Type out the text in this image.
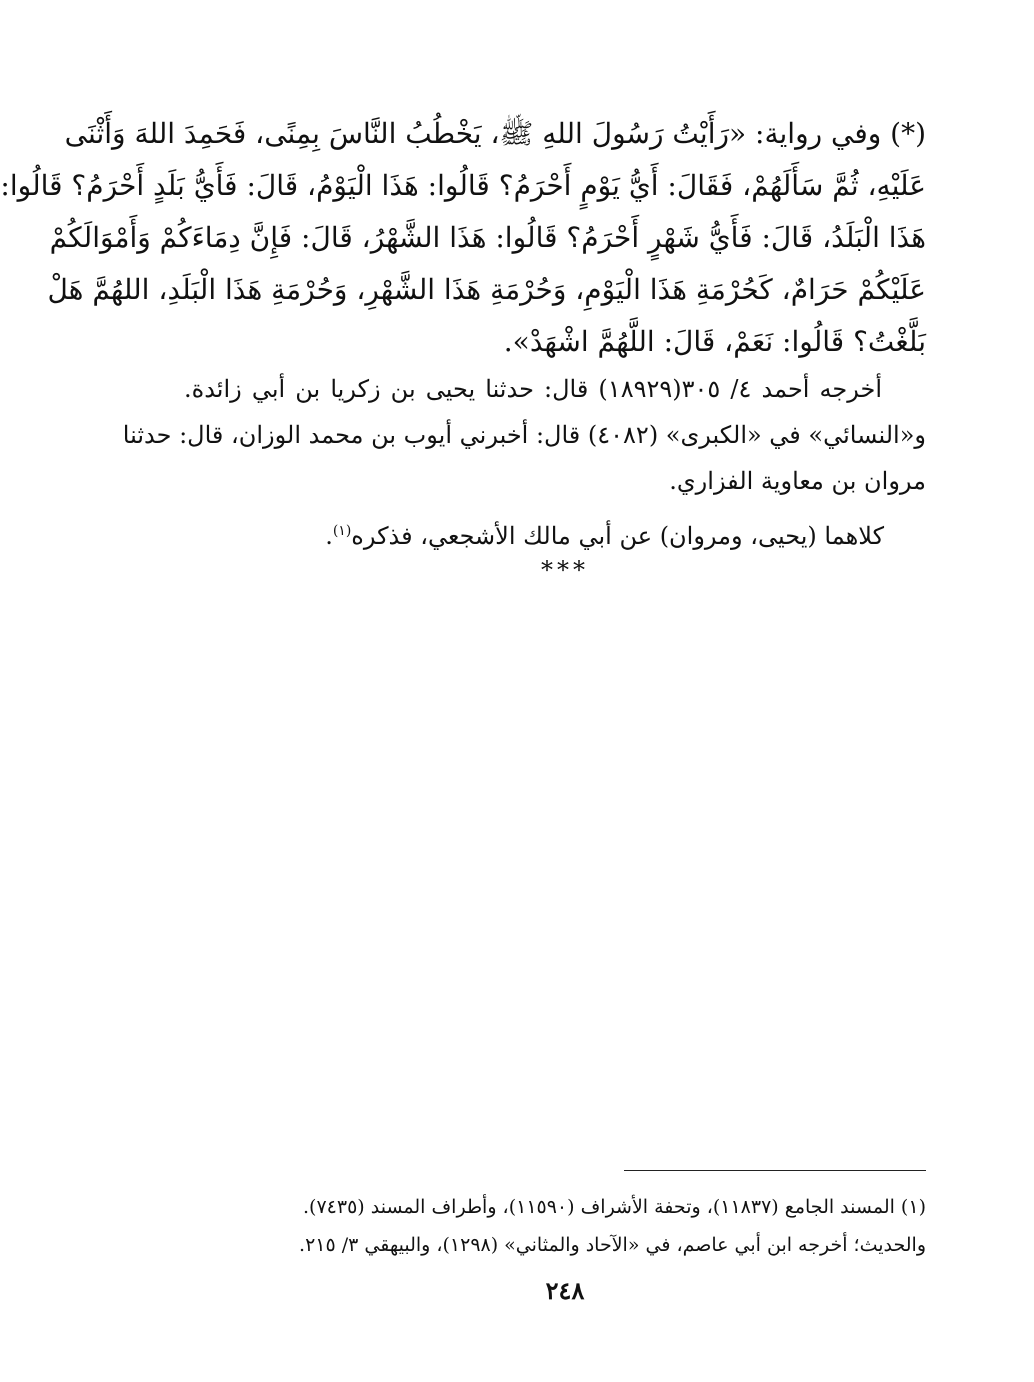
(*) وفي رواية: «رَأَيْتُ رَسُولَ اللهِ ﷺ، يَخْطُبُ النَّاسَ بِمِنًى، فَحَمِدَ اللهَ وَأَثْنَى
عَلَيْهِ، ثُمَّ سَأَلَهُمْ، فَقَالَ: أَيُّ يَوْمٍ أَحْرَمُ؟ قَالُوا: هَذَا الْيَوْمُ، قَالَ: فَأَيُّ بَلَدٍ أَحْرَمُ؟ قَالُوا:
هَذَا الْبَلَدُ، قَالَ: فَأَيُّ شَهْرٍ أَحْرَمُ؟ قَالُوا: هَذَا الشَّهْرُ، قَالَ: فَإِنَّ دِمَاءَكُمْ وَأَمْوَالَكُمْ
عَلَيْكُمْ حَرَامٌ، كَحُرْمَةِ هَذَا الْيَوْمِ، وَحُرْمَةِ هَذَا الشَّهْرِ، وَحُرْمَةِ هَذَا الْبَلَدِ، اللهُمَّ هَلْ
بَلَّغْتُ؟ قَالُوا: نَعَمْ، قَالَ: اللَّهُمَّ اشْهَدْ».
أخرجه أحمد ٤/ ٣٠٥(١٨٩٢٩) قال: حدثنا يحيى بن زكريا بن أبي زائدة.
و«النسائي» في «الكبرى» (٤٠٨٢) قال: أخبرني أيوب بن محمد الوزان، قال: حدثنا
مروان بن معاوية الفزاري.
كلاهما (يحيى، ومروان) عن أبي مالك الأشجعي، فذكره$^{(١)}$.
***
(١) المسند الجامع (١١٨٣٧)، وتحفة الأشراف (١١٥٩٠)، وأطراف المسند (٧٤٣٥).
والحديث؛ أخرجه ابن أبي عاصم، في «الآحاد والمثاني» (١٢٩٨)، والبيهقي ٣/ ٢١٥.
٢٤٨
